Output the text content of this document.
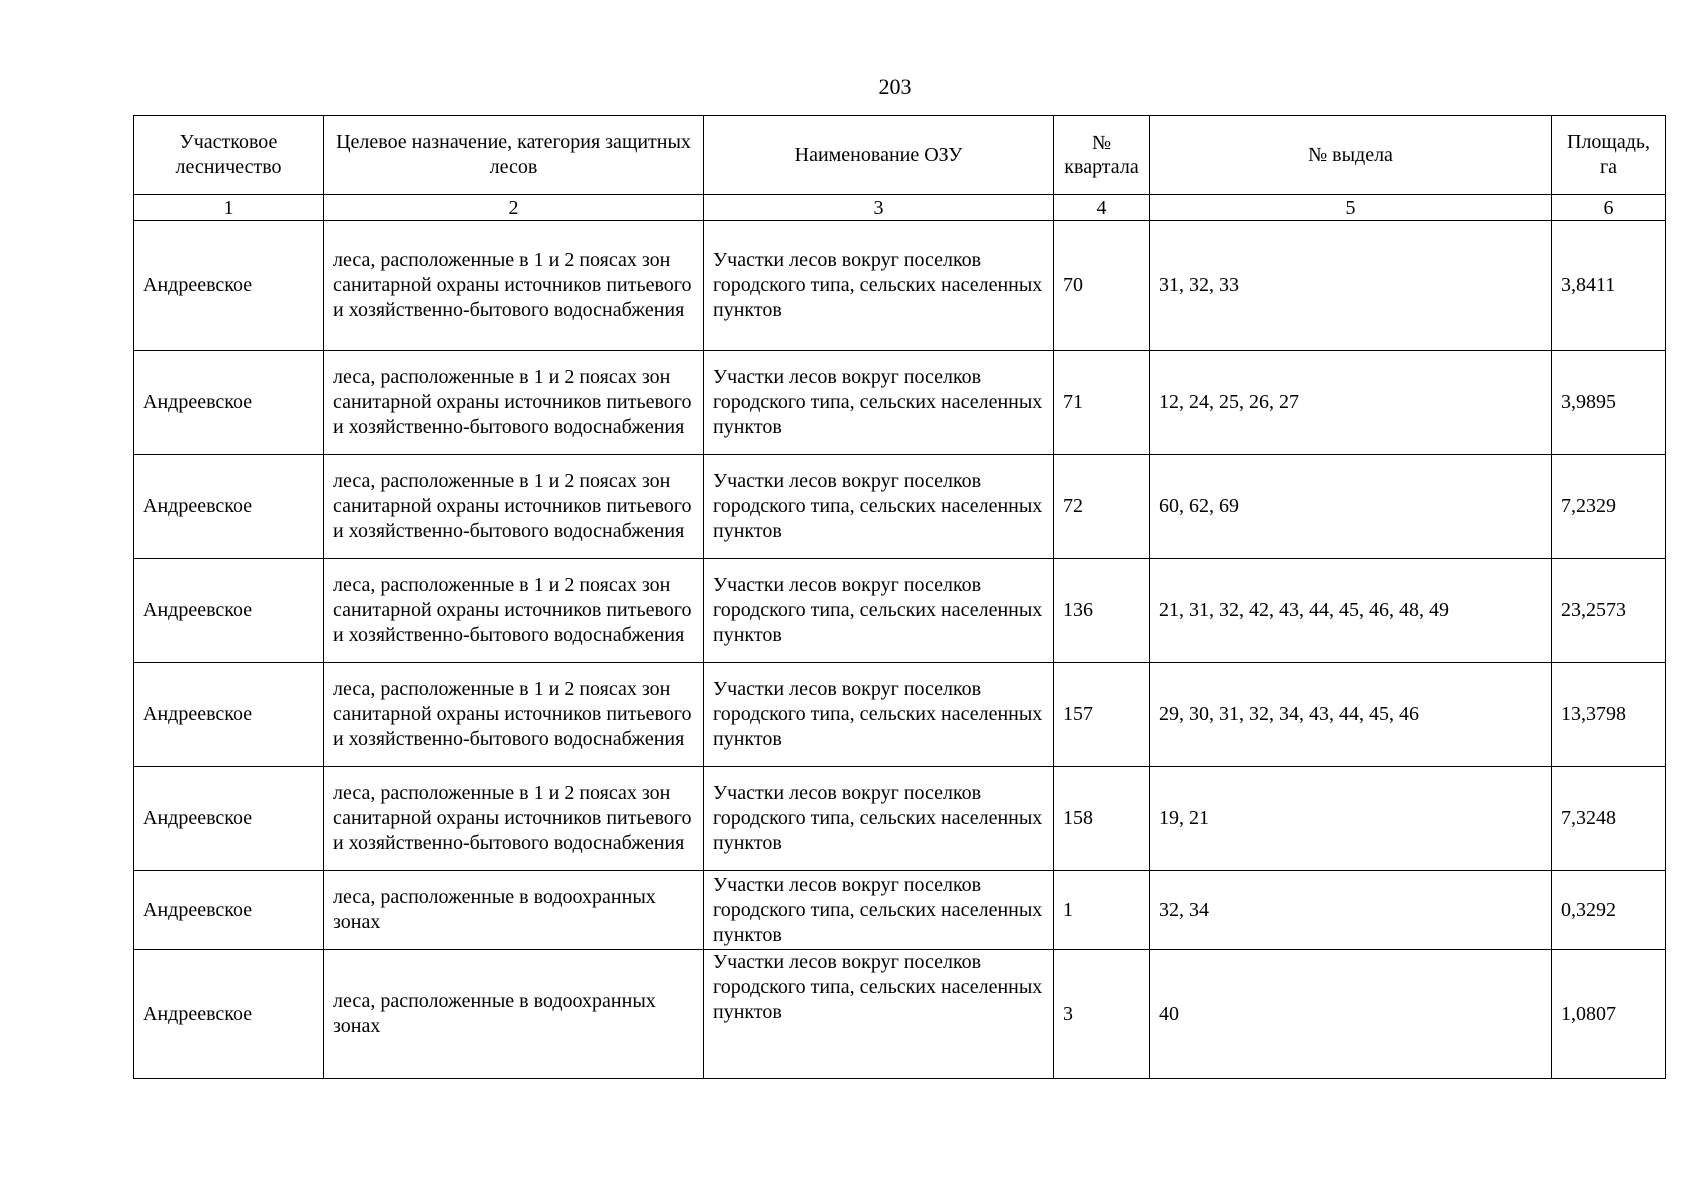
203
Участковое лесничество	Целевое назначение, категория защитных лесов	Наименование ОЗУ	№ квартала	№ выдела	Площадь, га
1	2	3	4	5	6
Андреевское	леса, расположенные в 1 и 2 поясах зон санитарной охраны источников питьевого и хозяйственно-бытового водоснабжения	Участки лесов вокруг поселков городского типа, сельских населенных пунктов	70	31, 32, 33	3,8411
Андреевское	леса, расположенные в 1 и 2 поясах зон санитарной охраны источников питьевого и хозяйственно-бытового водоснабжения	Участки лесов вокруг поселков городского типа, сельских населенных пунктов	71	12, 24, 25, 26, 27	3,9895
Андреевское	леса, расположенные в 1 и 2 поясах зон санитарной охраны источников питьевого и хозяйственно-бытового водоснабжения	Участки лесов вокруг поселков городского типа, сельских населенных пунктов	72	60, 62, 69	7,2329
Андреевское	леса, расположенные в 1 и 2 поясах зон санитарной охраны источников питьевого и хозяйственно-бытового водоснабжения	Участки лесов вокруг поселков городского типа, сельских населенных пунктов	136	21, 31, 32, 42, 43, 44, 45, 46, 48, 49	23,2573
Андреевское	леса, расположенные в 1 и 2 поясах зон санитарной охраны источников питьевого и хозяйственно-бытового водоснабжения	Участки лесов вокруг поселков городского типа, сельских населенных пунктов	157	29, 30, 31, 32, 34, 43, 44, 45, 46	13,3798
Андреевское	леса, расположенные в 1 и 2 поясах зон санитарной охраны источников питьевого и хозяйственно-бытового водоснабжения	Участки лесов вокруг поселков городского типа, сельских населенных пунктов	158	19, 21	7,3248
Андреевское	леса, расположенные в водоохранных зонах	Участки лесов вокруг поселков городского типа, сельских населенных пунктов	1	32, 34	0,3292
Андреевское	леса, расположенные в водоохранных зонах	Участки лесов вокруг поселков городского типа, сельских населенных пунктов	3	40	1,0807
